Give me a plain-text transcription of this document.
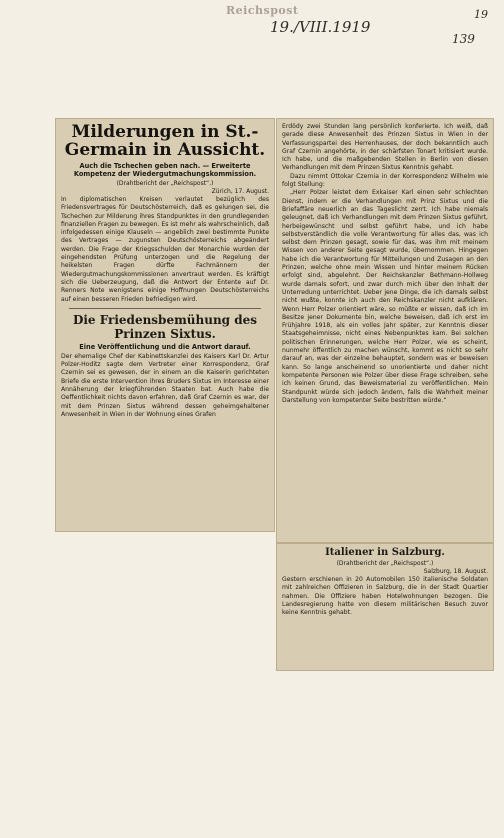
Reichspost
19./VIII.1919
19
139
Milderungen in St.-Germain in Aussicht.

Auch die Tschechen geben nach. — Erweiterte Kompetenz der Wiedergutmachungskommission.

(Drahtbericht der „Reichspost“.)

Zürich, 17. August.

In diplomatischen Kreisen verlautet bezüglich des Friedensvertrages für Deutschösterreich, daß es gelungen sei, die Tschechen zur Milderung ihres Standpunktes in den grundlegenden finanziellen Fragen zu bewegen. Es ist mehr als wahrscheinlich, daß infolgedessen einige Klauseln — angeblich zwei bestimmte Punkte des Vertrages — zugunsten Deutschösterreichs abgeändert werden. Die Frage der Kriegsschulden der Monarchie wurden der eingehendsten Prüfung unterzogen und die Regelung der heikelsten Fragen dürfte Fachmännern der Wiedergutmachungskommissionen anvertraut werden. Es kräftigt sich die Ueberzeugung, daß die Antwort der Entente auf Dr. Renners Note wenigstens einige Hoffnungen Deutschösterreichs auf einen besseren Frieden befriedigen wird.

Die Friedensbemühung des Prinzen Sixtus.

Eine Veröffentlichung und die Antwort darauf.

Der ehemalige Chef der Kabinettskanzlei des Kaisers Karl Dr. Artur Polzer-Hoditz sagte dem Vertreter einer Korrespondenz, Graf Czernin sei es gewesen, der in einem an die Kaiserin gerichteten Briefe die erste Intervention ihres Bruders Sixtus im Interesse einer Annäherung der kriegführenden Staaten bat. Auch habe die Oeffentlichkeit nichts davon erfahren, daß Graf Czernin es war, der mit dem Prinzen Sixtus während dessen geheimgehaltener Anwesenheit in Wien in der Wohnung eines Grafen

Erdödy zwei Stunden lang persönlich konferierte. Ich weiß, daß gerade diese Anwesenheit des Prinzen Sixtus in Wien in der Verfassungspartei des Herrenhauses, der doch bekanntlich auch Graf Czernin angehörte, in der schärfsten Tonart kritisiert wurde. Ich habe, und die maßgebenden Stellen in Berlin von diesen Verhandlungen mit dem Prinzen Sixtus Kenntnis gehabt.

Dazu nimmt Ottokar Czernia in der Korrespondenz Wilhelm wie folgt Stellung:

„Herr Polzer leistet dem Exkaiser Karl einen sehr schlechten Dienst, indem er die Verhandlungen mit Prinz Sixtus und die Briefaffäre neuerlich an das Tageslicht zerrt. Ich habe niemals geleugnet, daß ich Verhandlungen mit dem Prinzen Sixtus geführt, herbeigewünscht und selbst geführt habe, und ich habe selbstverständlich die volle Verantwortung für alles das, was ich selbst dem Prinzen gesagt, sowie für das, was ihm mit meinem Wissen von anderer Seite gesagt wurde, übernommen. Hingegen habe ich die Verantwortung für Mitteilungen und Zusagen an den Prinzen, welche ohne mein Wissen und hinter meinem Rücken erfolgt sind, abgelehnt. Der Reichskanzler Bethmann-Hollweg wurde damals sofort, und zwar durch mich über den Inhalt der Unterredung unterrichtet. Ueber jene Dinge, die ich damals selbst nicht wußte, konnte ich auch den Reichskanzler nicht aufklären. Wenn Herr Polzer orientiert wäre, so müßte er wissen, daß ich im Besitze jener Dokumente bin, welche beweisen, daß ich erst im Frühjahre 1918, als ein volles Jahr später, zur Kenntnis dieser Staatsgeheimnisse, nicht eines Nebenpunktes kam. Bei solchen politischen Erinnerungen, welche Herr Polzer, wie es scheint, nunmehr öffentlich zu machen wünscht, kommt es nicht so sehr darauf an, was der einzelne behauptet, sondern was er beweisen kann. So lange anscheinend so unorientierte und daher nicht kompetente Personen wie Polzer über diese Frage schreiben, sehe ich keinen Grund, das Beweismaterial zu veröffentlichen. Mein Standpunkt würde sich jedoch ändern, falls die Wahrheit meiner Darstellung von kompetenter Seite bestritten würde.“

Italiener in Salzburg.

(Drahtbericht der „Reichspost“.)

Salzburg, 18. August.

Gestern erschienen in 20 Automobilen 150 italienische Soldaten mit zahlreichen Offizieren in Salzburg, die in der Stadt Quartier nahmen. Die Offiziere haben Hotelwohnungen bezogen. Die Landesregierung hatte von diesem militärischen Besuch zuvor keine Kenntnis gehabt.
